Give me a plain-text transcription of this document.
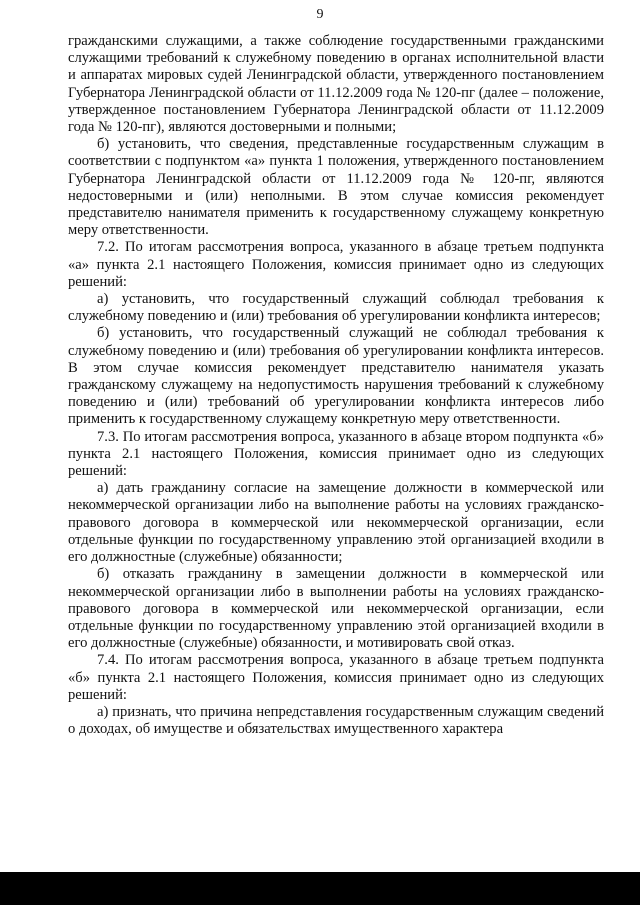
9

гражданскими служащими, а также соблюдение государственными гражданскими служащими требований к служебному поведению в органах исполнительной власти и аппаратах мировых судей Ленинградской области, утвержденного постановлением Губернатора Ленинградской области от 11.12.2009 года № 120-пг (далее – положение, утвержденное постановлением Губернатора Ленинградской области от 11.12.2009 года № 120-пг), являются достоверными и полными;

б) установить, что сведения, представленные государственным служащим в соответствии с подпунктом «а» пункта 1 положения, утвержденного постановлением Губернатора Ленинградской области от 11.12.2009 года № 120-пг, являются недостоверными и (или) неполными. В этом случае комиссия рекомендует представителю нанимателя применить к государственному служащему конкретную меру ответственности.

7.2. По итогам рассмотрения вопроса, указанного в абзаце третьем подпункта «а» пункта 2.1 настоящего Положения, комиссия принимает одно из следующих решений:

а) установить, что государственный служащий соблюдал требования к служебному поведению и (или) требования об урегулировании конфликта интересов;

б) установить, что государственный служащий не соблюдал требования к служебному поведению и (или) требования об урегулировании конфликта интересов. В этом случае комиссия рекомендует представителю нанимателя указать гражданскому служащему на недопустимость нарушения требований к служебному поведению и (или) требований об урегулировании конфликта интересов либо применить к государственному служащему конкретную меру ответственности.

7.3. По итогам рассмотрения вопроса, указанного в абзаце втором подпункта «б» пункта 2.1 настоящего Положения, комиссия принимает одно из следующих решений:

а) дать гражданину согласие на замещение должности в коммерческой или некоммерческой организации либо на выполнение работы на условиях гражданско-правового договора в коммерческой или некоммерческой организации, если отдельные функции по государственному управлению этой организацией входили в его должностные (служебные) обязанности;

б) отказать гражданину в замещении должности в коммерческой или некоммерческой организации либо в выполнении работы на условиях гражданско-правового договора в коммерческой или некоммерческой организации, если отдельные функции по государственному управлению этой организацией входили в его должностные (служебные) обязанности, и мотивировать свой отказ.

7.4. По итогам рассмотрения вопроса, указанного в абзаце третьем подпункта «б» пункта 2.1 настоящего Положения, комиссия принимает одно из следующих решений:

а) признать, что причина непредставления государственным служащим сведений о доходах, об имуществе и обязательствах имущественного характера
